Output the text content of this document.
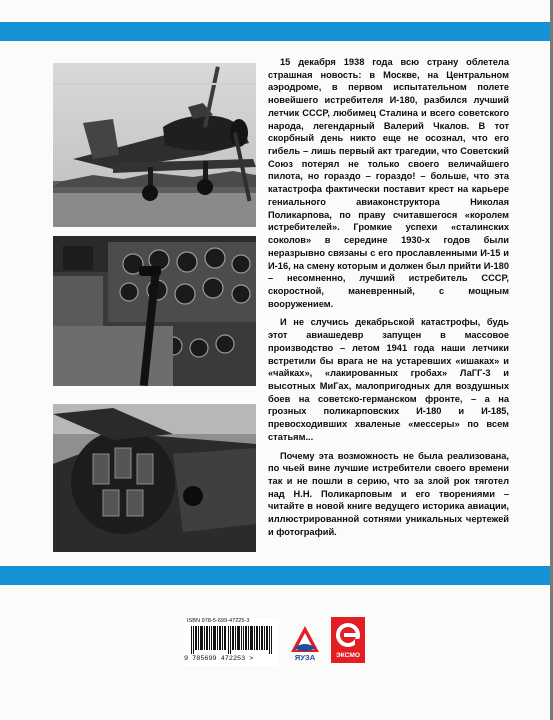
15 декабря 1938 года всю страну облетела страшная новость: в Москве, на Центральном аэродроме, в первом испытательном полете новейшего истребителя И-180, разбился лучший летчик СССР, любимец Сталина и всего советского народа, легендарный Валерий Чкалов. В тот скорбный день никто еще не осознал, что его гибель – лишь первый акт трагедии, что Советский Союз потерял не только своего величайшего пилота, но гораздо – гораздо! – больше, что эта катастрофа фактически поставит крест на карьере гениального авиаконструктора Николая Поликарпова, по праву считавшегося «королем истребителей». Громкие успехи «сталинских соколов» в середине 1930-х годов были неразрывно связаны с его проcлавленными И-15 и И-16, на смену которым и должен был прийти И-180 – несомненно, лучший истребитель СССР, скоростной, маневренный, с мощным вооружением.

И не случись декабрьской катастрофы, будь этот авиашедевр запущен в массовое производство – летом 1941 года наши летчики встретили бы врага не на устаревших «ишаках» и «чайках», «лакированных гробах» ЛаГГ-3 и высотных МиГах, малопригодных для воздушных боев на советско-германском фронте, – а на грозных поликарповских И-180 и И-185, превосходивших хваленые «мессеры» по всем статьям...

Почему эта возможность не была реализована, по чьей вине лучшие истребители своего времени так и не пошли в серию, что за злой рок тяготел над Н.Н. Поликарповым и его творениями – читайте в новой книге ведущего историка авиации, иллюстрированной сотнями уникальных чертежей и фотографий.

ISBN 978-5-699-47225-3
9 785699 472253 >	ЯУЗА	ЭКСМО
